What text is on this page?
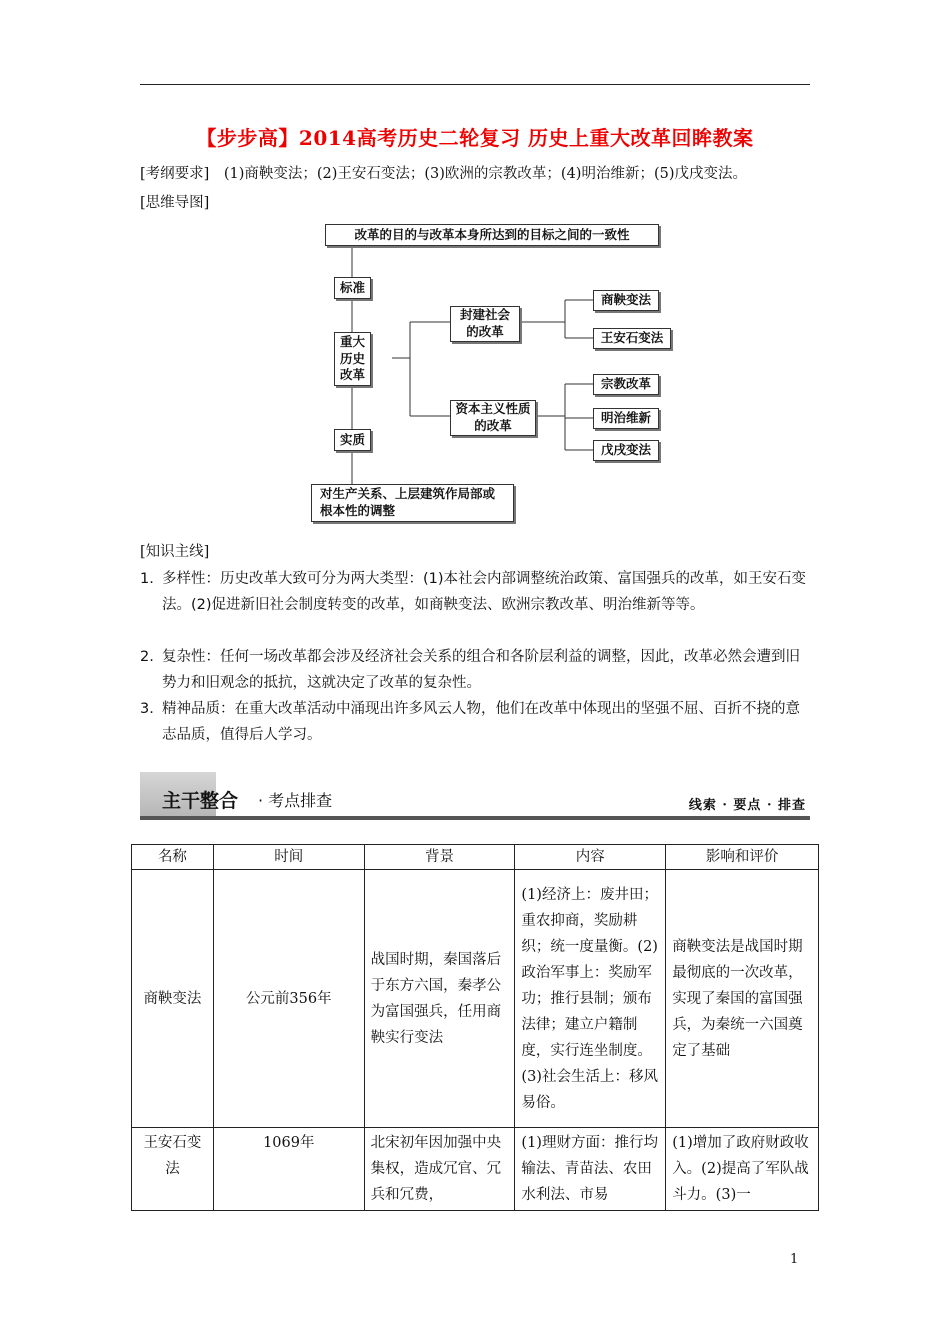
【步步高】2014高考历史二轮复习 历史上重大改革回眸教案
[考纲要求]　(1)商鞅变法；(2)王安石变法；(3)欧洲的宗教改革；(4)明治维新；(5)戊戌变法。
[思维导图]
改革的目的与改革本身所达到的目标之间的一致性
标准
重大历史改革
实质
对生产关系、上层建筑作局部或根本性的调整
封建社会的改革
资本主义性质的改革
商鞅变法
王安石变法
宗教改革
明治维新
戊戌变法
[知识主线]
1. 多样性：历史改革大致可分为两大类型：(1)本社会内部调整统治政策、富国强兵的改革，如王安石变法。(2)促进新旧社会制度转变的改革，如商鞅变法、欧洲宗教改革、明治维新等等。
2. 复杂性：任何一场改革都会涉及经济社会关系的组合和各阶层利益的调整，因此，改革必然会遭到旧势力和旧观念的抵抗，这就决定了改革的复杂性。
3. 精神品质：在重大改革活动中涌现出许多风云人物，他们在改革中体现出的坚强不屈、百折不挠的意志品质，值得后人学习。
主干整合 · 考点排查	线索 · 要点 · 排查
名称	时间	背景	内容	影响和评价
商鞅变法	公元前356年	战国时期，秦国落后于东方六国，秦孝公为富国强兵，任用商鞅实行变法	(1)经济上：废井田；重农抑商，奖励耕织；统一度量衡。(2)政治军事上：奖励军功；推行县制；颁布法律；建立户籍制度，实行连坐制度。(3)社会生活上：移风易俗。	商鞅变法是战国时期最彻底的一次改革，实现了秦国的富国强兵，为秦统一六国奠定了基础
王安石变法	1069年	北宋初年因加强中央集权，造成冗官、冗兵和冗费，	(1)理财方面：推行均输法、青苗法、农田水利法、市易	(1)增加了政府财政收入。(2)提高了军队战斗力。(3)一
1
